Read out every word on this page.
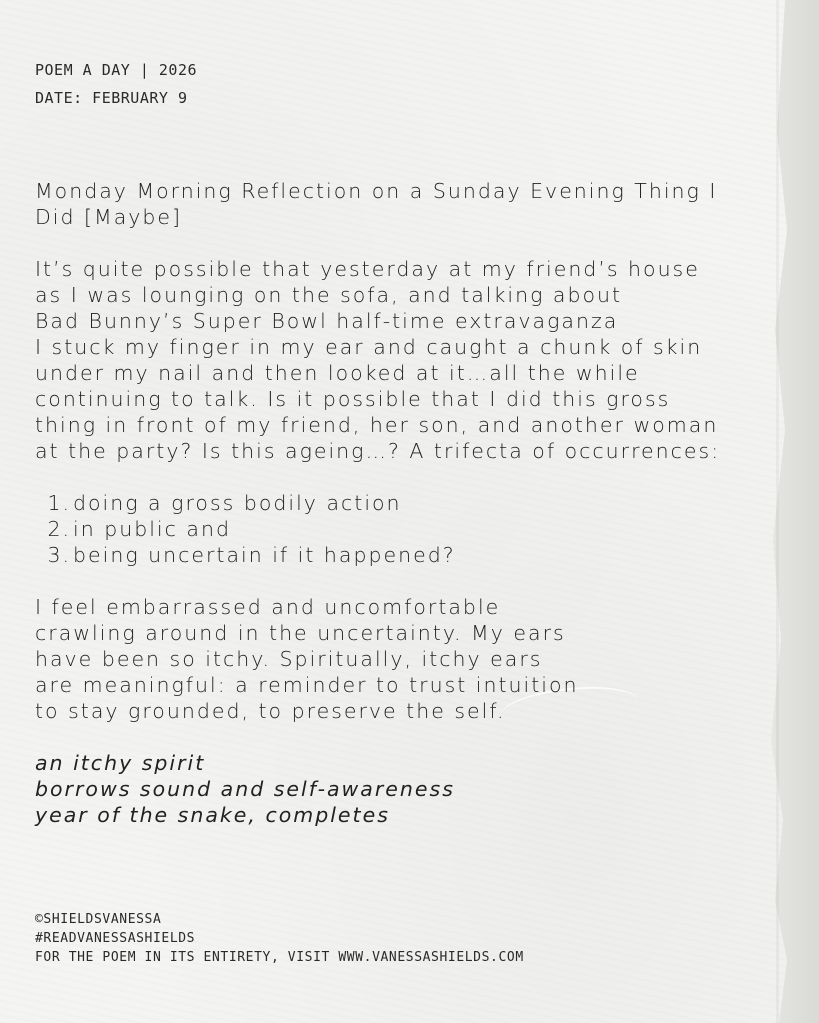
POEM A DAY | 2026
DATE: FEBRUARY 9

Monday Morning Reflection on a Sunday Evening Thing I
Did [Maybe]

It’s quite possible that yesterday at my friend’s house
as I was lounging on the sofa, and talking about
Bad Bunny’s Super Bowl half-time extravaganza
I stuck my finger in my ear and caught a chunk of skin
under my nail and then looked at it…all the while
continuing to talk. Is it possible that I did this gross
thing in front of my friend, her son, and another woman
at the party? Is this ageing…? A trifecta of occurrences:

1. doing a gross bodily action
2. in public and
3. being uncertain if it happened?

I feel embarrassed and uncomfortable
crawling around in the uncertainty. My ears
have been so itchy. Spiritually, itchy ears
are meaningful: a reminder to trust intuition
to stay grounded, to preserve the self.

an itchy spirit
borrows sound and self-awareness
year of the snake, completes

©SHIELDSVANESSA
#READVANESSASHIELDS
FOR THE POEM IN ITS ENTIRETY, VISIT WWW.VANESSASHIELDS.COM
